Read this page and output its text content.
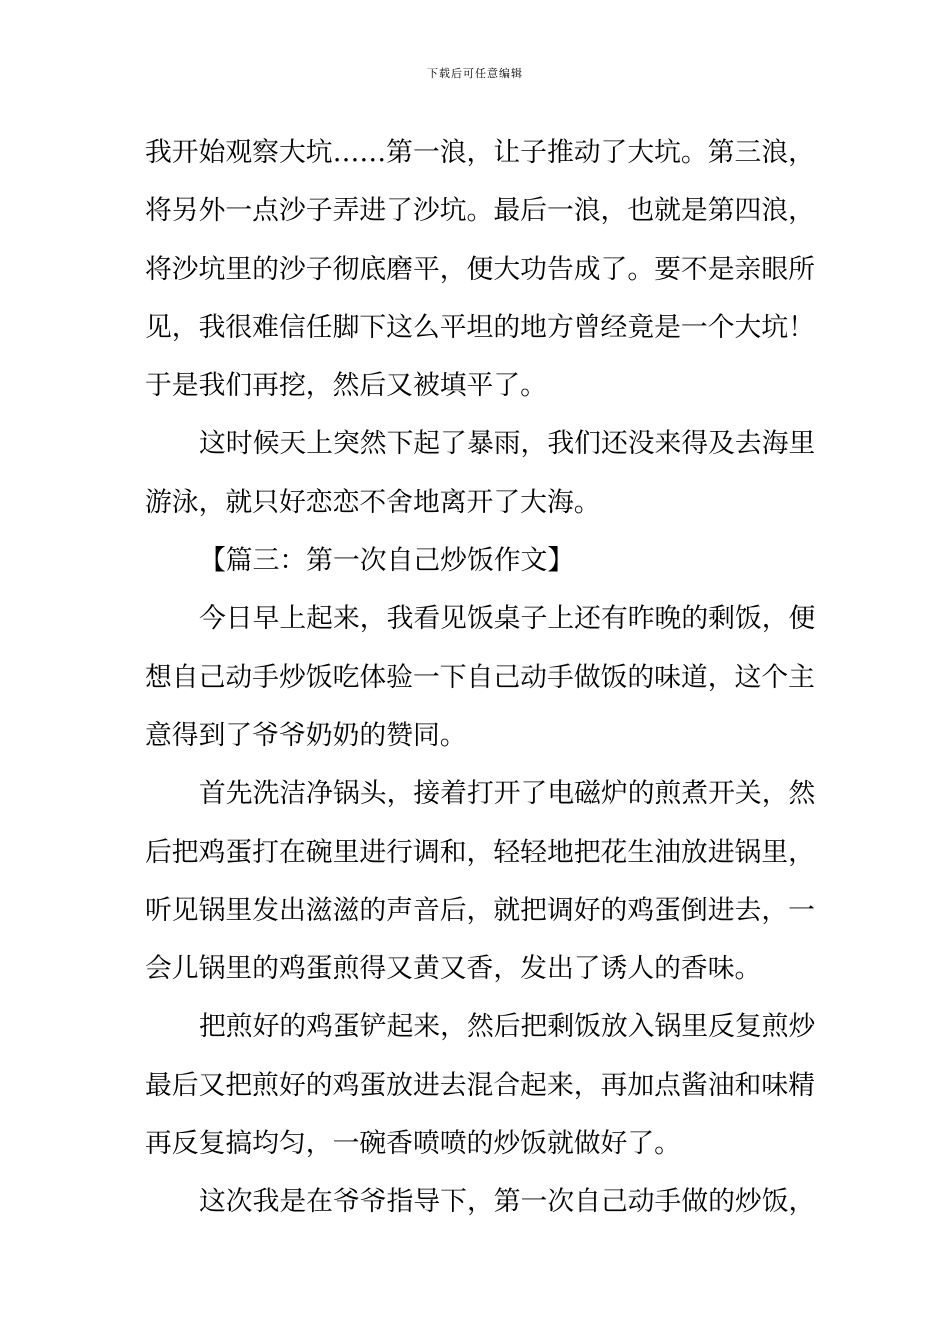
下载后可任意编辑
我开始观察大坑……第一浪，让子推动了大坑。第三浪，
将另外一点沙子弄进了沙坑。最后一浪，也就是第四浪，
将沙坑里的沙子彻底磨平，便大功告成了。要不是亲眼所
见，我很难信任脚下这么平坦的地方曾经竟是一个大坑！
于是我们再挖，然后又被填平了。
这时候天上突然下起了暴雨，我们还没来得及去海里
游泳，就只好恋恋不舍地离开了大海。
【篇三：第一次自己炒饭作文】
今日早上起来，我看见饭桌子上还有昨晚的剩饭，便
想自己动手炒饭吃体验一下自己动手做饭的味道，这个主
意得到了爷爷奶奶的赞同。
首先洗洁净锅头，接着打开了电磁炉的煎煮开关，然
后把鸡蛋打在碗里进行调和，轻轻地把花生油放进锅里，
听见锅里发出滋滋的声音后，就把调好的鸡蛋倒进去，一
会儿锅里的鸡蛋煎得又黄又香，发出了诱人的香味。
把煎好的鸡蛋铲起来，然后把剩饭放入锅里反复煎炒
最后又把煎好的鸡蛋放进去混合起来，再加点酱油和味精
再反复搞均匀，一碗香喷喷的炒饭就做好了。
这次我是在爷爷指导下，第一次自己动手做的炒饭，
